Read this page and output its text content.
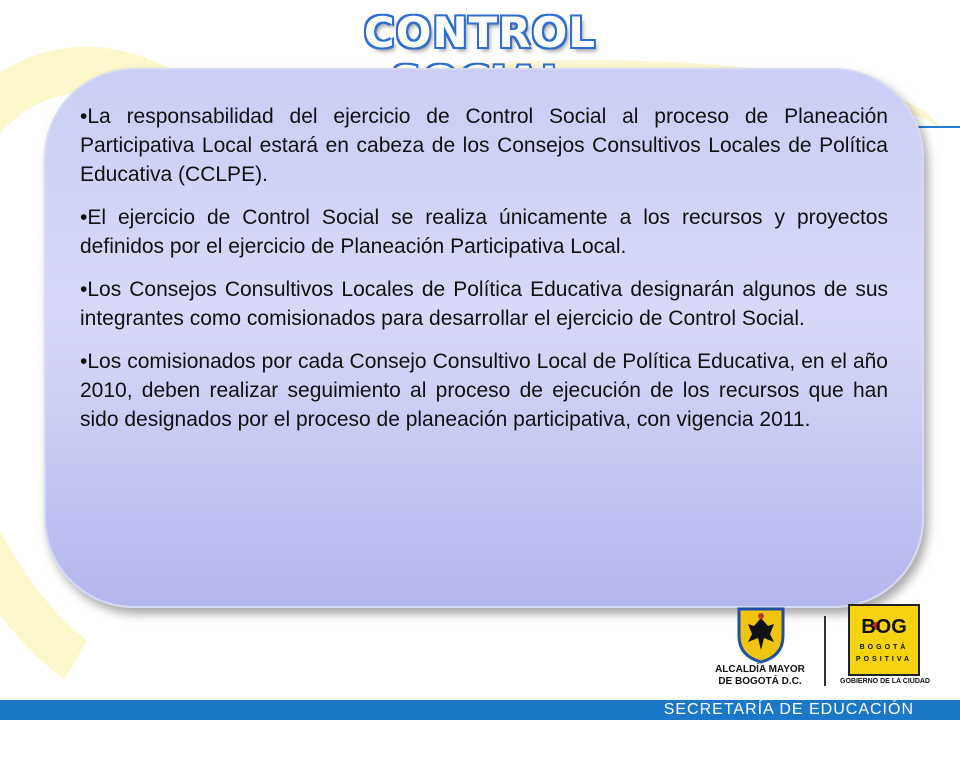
CONTROL

•La responsabilidad del ejercicio de Control Social al proceso de Planeación Participativa Local estará en cabeza de los Consejos Consultivos Locales de Política Educativa (CCLPE).

•El ejercicio de Control Social se realiza únicamente a los recursos y proyectos definidos por el ejercicio de Planeación Participativa Local.

•Los Consejos Consultivos Locales de Política Educativa designarán algunos de sus integrantes como comisionados para desarrollar el ejercicio de Control Social.

•Los comisionados por cada Consejo Consultivo Local de Política Educativa, en el año 2010, deben realizar seguimiento al proceso de ejecución de los recursos que han sido designados por el proceso de planeación participativa, con vigencia 2011.

ALCALDÍA MAYOR
DE BOGOTÁ D.C.
BOG
BOGOTÁ
POSITIVA
GOBIERNO DE LA CIUDAD
SECRETARÍA DE EDUCACIÓN
